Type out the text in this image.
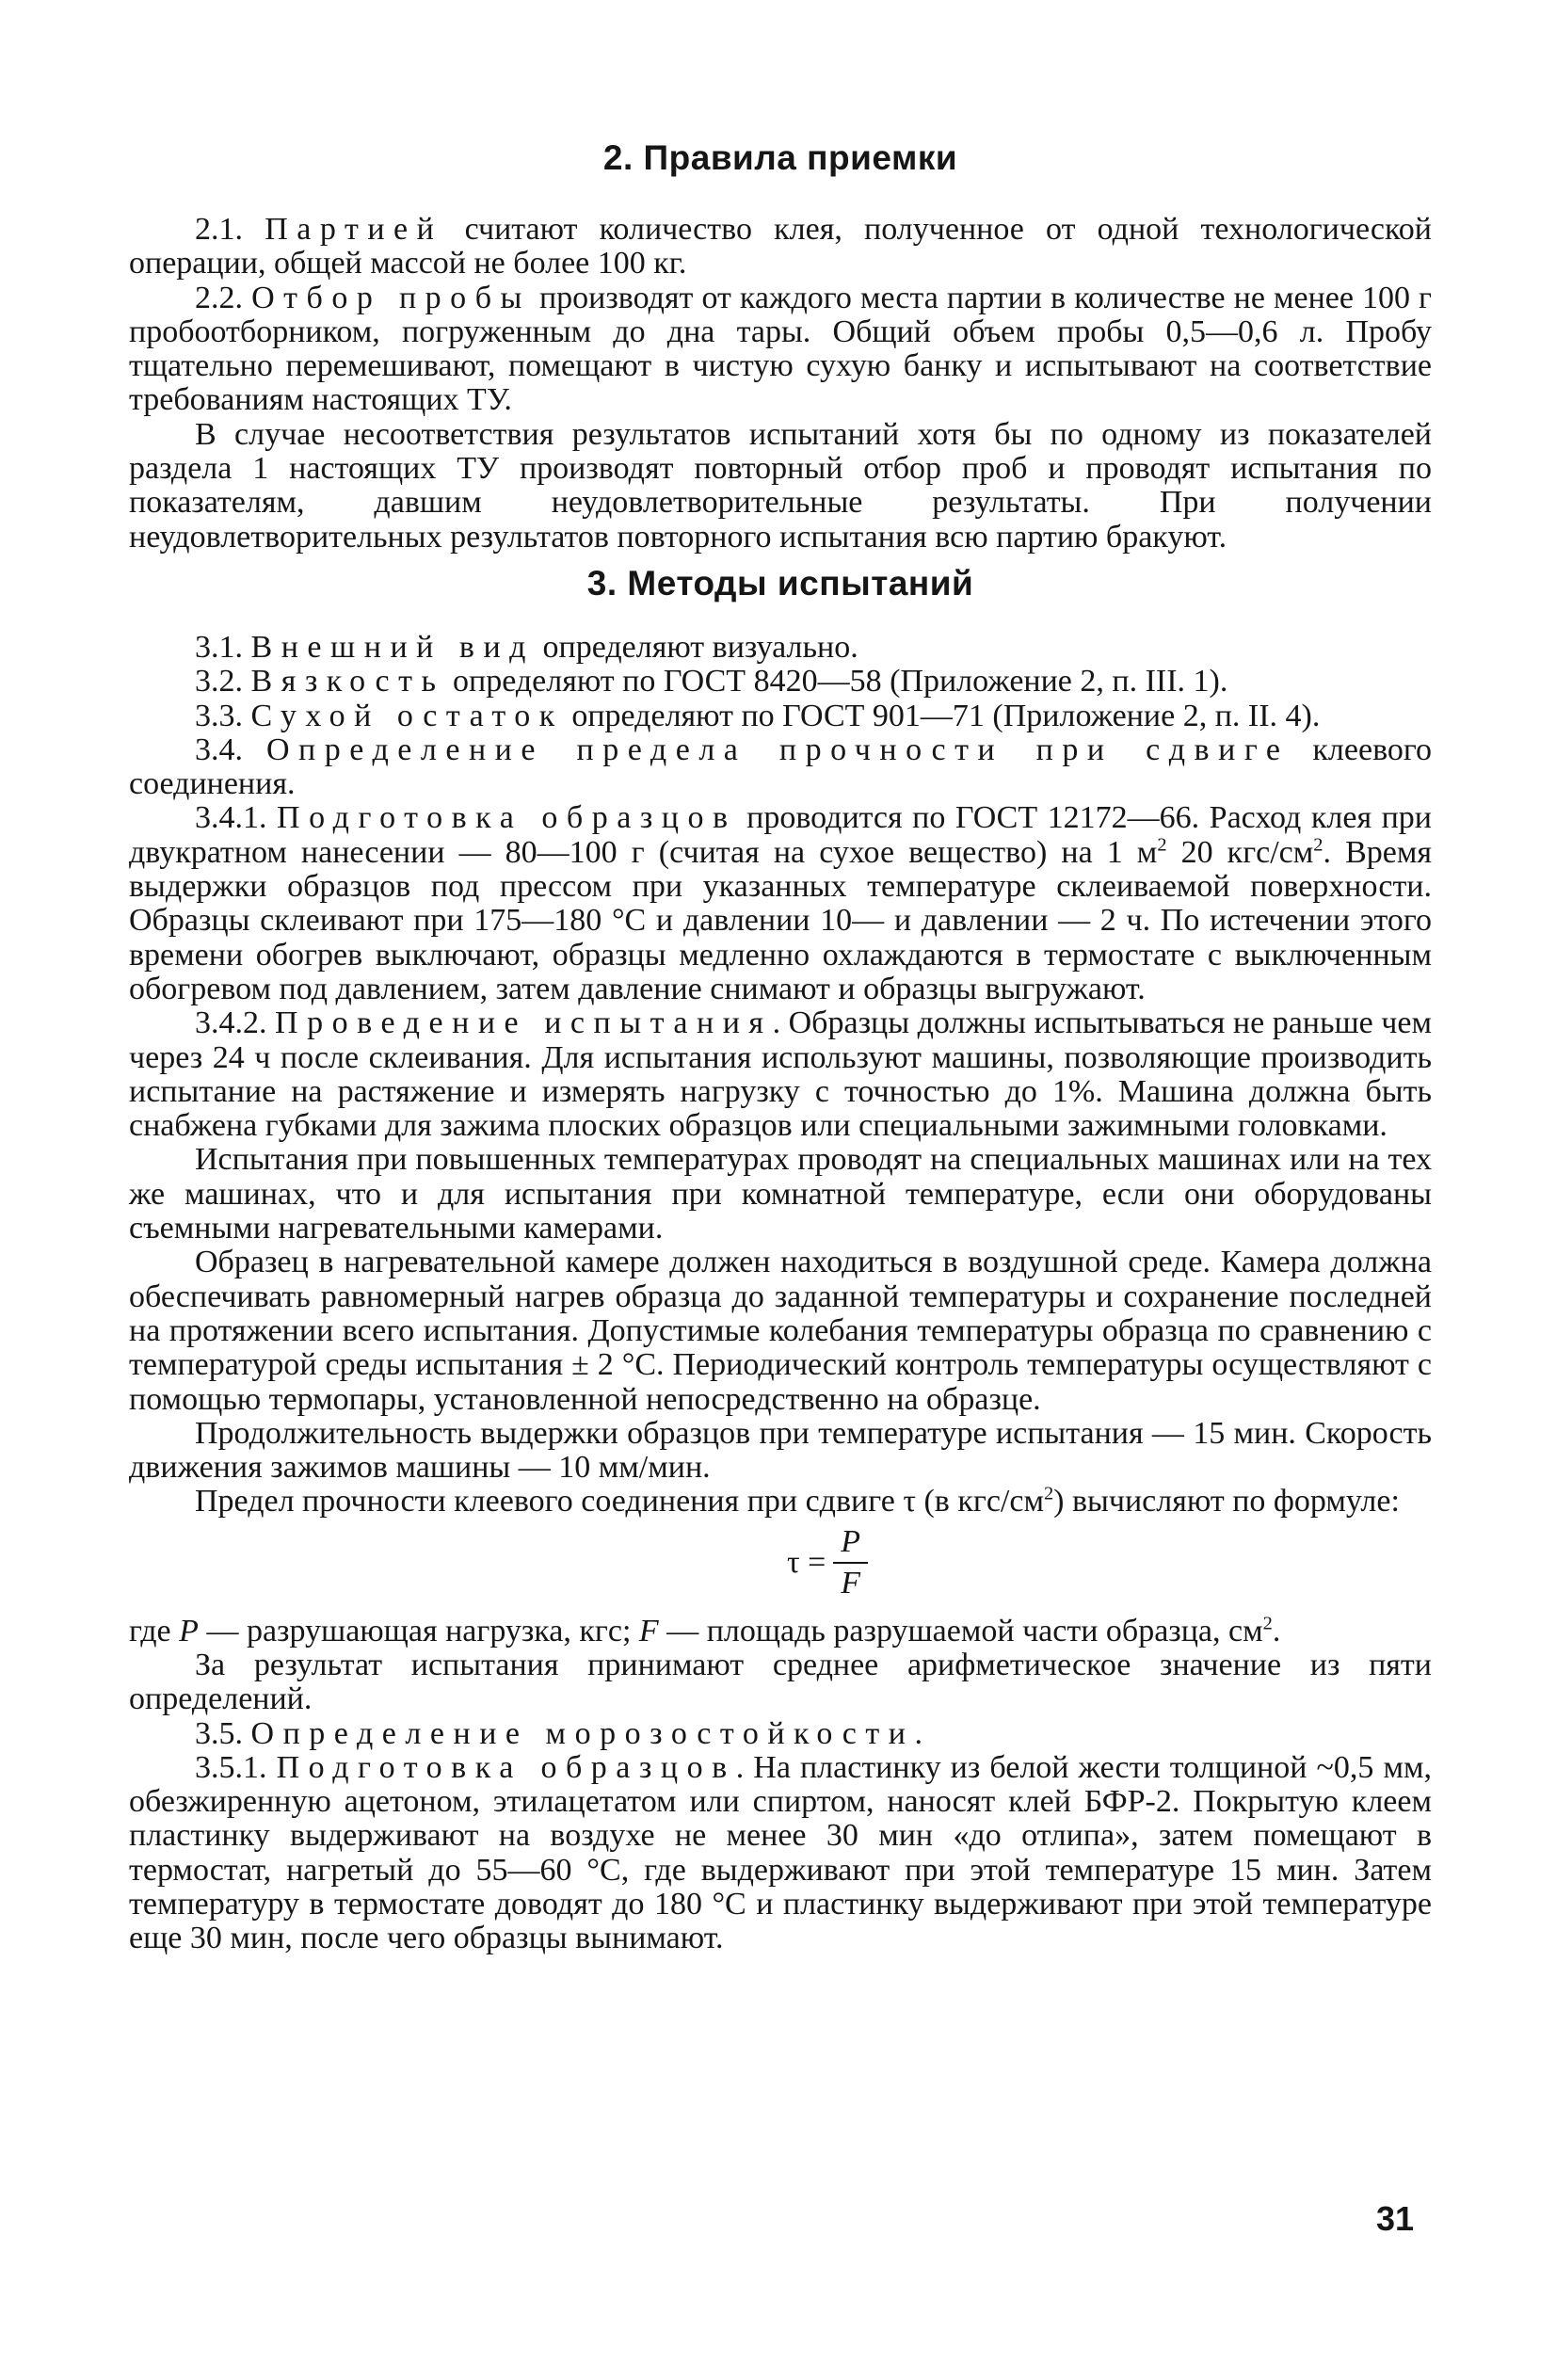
2. Правила приемки

2.1. Партией считают количество клея, полученное от одной технологической операции, общей массой не более 100 кг.

2.2. Отбор пробы производят от каждого места партии в количестве не менее 100 г пробоотборником, погруженным до дна тары. Общий объем пробы 0,5—0,6 л. Пробу тщательно перемешивают, помещают в чистую сухую банку и испытывают на соответствие требованиям настоящих ТУ.

В случае несоответствия результатов испытаний хотя бы по одному из показателей раздела 1 настоящих ТУ производят повторный отбор проб и проводят испытания по показателям, давшим неудовлетворительные результаты. При получении неудовлетворительных результатов повторного испытания всю партию бракуют.

3. Методы испытаний

3.1. Внешний вид определяют визуально.

3.2. Вязкость определяют по ГОСТ 8420—58 (Приложение 2, п. III. 1).

3.3. Сухой остаток определяют по ГОСТ 901—71 (Приложение 2, п. II. 4).

3.4. Определение предела прочности при сдвиге клеевого соединения.

3.4.1. Подготовка образцов проводится по ГОСТ 12172—66. Расход клея при двукратном нанесении — 80—100 г (считая на сухое вещество) на 1 $м^2$ 20 кгс/$см^2$. Время выдержки образцов под прессом при указанных температуре склеиваемой поверхности. Образцы склеивают при 175—180 °С и давлении 10— и давлении — 2 ч. По истечении этого времени обогрев выключают, образцы медленно охлаждаются в термостате с выключенным обогревом под давлением, затем давление снимают и образцы выгружают.

3.4.2. Проведение испытания. Образцы должны испытываться не раньше чем через 24 ч после склеивания. Для испытания используют машины, позволяющие производить испытание на растяжение и измерять нагрузку с точностью до 1%. Машина должна быть снабжена губками для зажима плоских образцов или специальными зажимными головками.

Испытания при повышенных температурах проводят на специальных машинах или на тех же машинах, что и для испытания при комнатной температуре, если они оборудованы съемными нагревательными камерами.

Образец в нагревательной камере должен находиться в воздушной среде. Камера должна обеспечивать равномерный нагрев образца до заданной температуры и сохранение последней на протяжении всего испытания. Допустимые колебания температуры образца по сравнению с температурой среды испытания ± 2 °С. Периодический контроль температуры осуществляют с помощью термопары, установленной непосредственно на образце.

Продолжительность выдержки образцов при температуре испытания — 15 мин. Скорость движения зажимов машины — 10 мм/мин.

Предел прочности клеевого соединения при сдвиге τ (в кгс/$см^2$) вычисляют по формуле:

$\tau = \frac{P}{F}$

где P — разрушающая нагрузка, кгс; F — площадь разрушаемой части образца, $см^2$.

За результат испытания принимают среднее арифметическое значение из пяти определений.

3.5. Определение морозостойкости.

3.5.1. Подготовка образцов. На пластинку из белой жести толщиной ~0,5 мм, обезжиренную ацетоном, этилацетатом или спиртом, наносят клей БФР-2. Покрытую клеем пластинку выдерживают на воздухе не менее 30 мин «до отлипа», затем помещают в термостат, нагретый до 55—60 °С, где выдерживают при этой температуре 15 мин. Затем температуру в термостате доводят до 180 °С и пластинку выдерживают при этой температуре еще 30 мин, после чего образцы вынимают.

31
